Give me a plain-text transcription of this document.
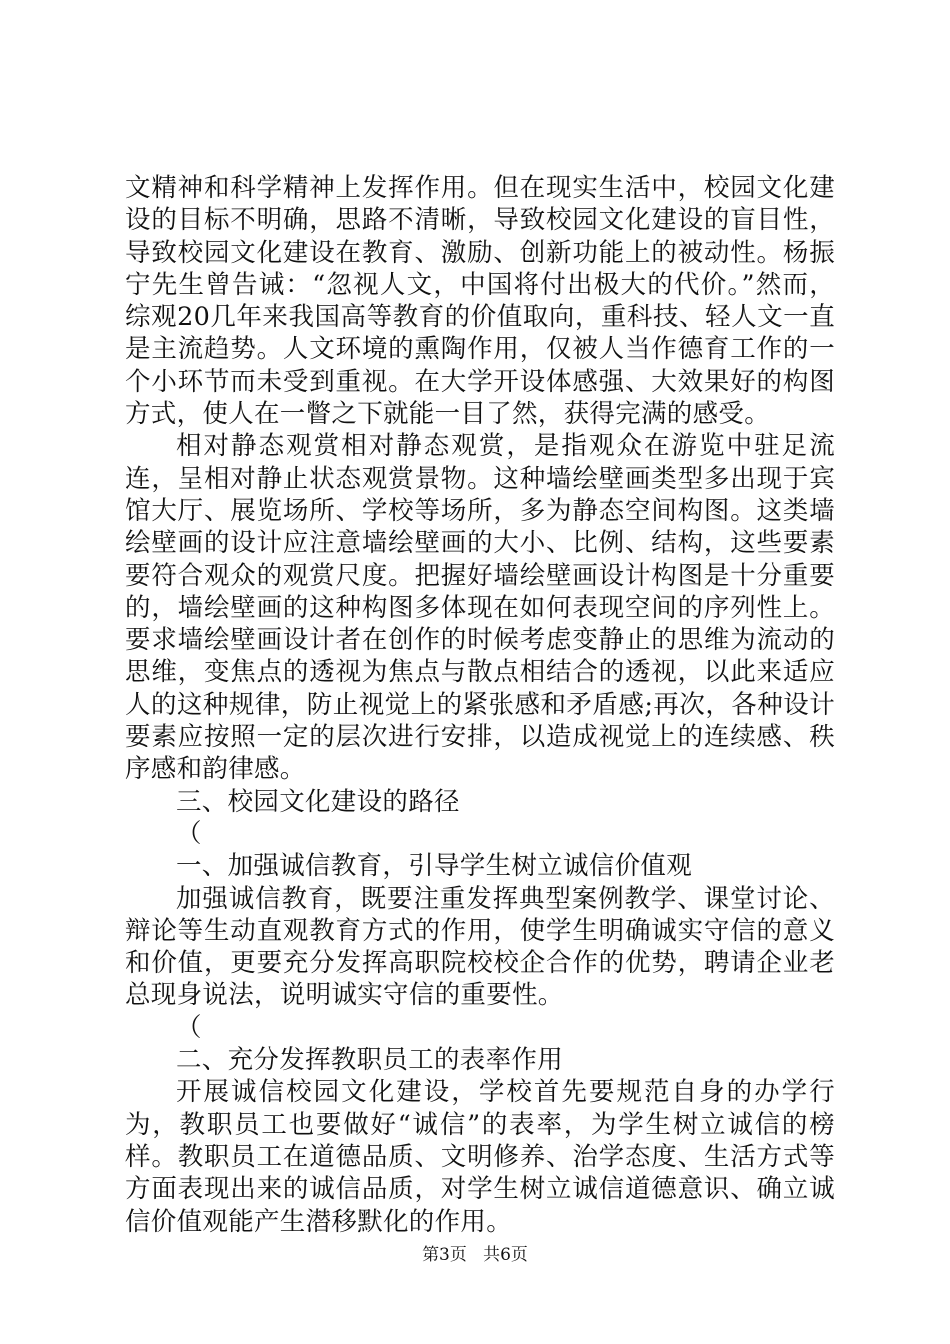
文精神和科学精神上发挥作用。但在现实生活中，校园文化建设的目标不明确，思路不清晰，导致校园文化建设的盲目性，导致校园文化建设在教育、激励、创新功能上的被动性。杨振宁先生曾告诫：“忽视人文，中国将付出极大的代价。”然而，综观20几年来我国高等教育的价值取向，重科技、轻人文一直是主流趋势。人文环境的熏陶作用，仅被人当作德育工作的一个小环节而未受到重视。在大学开设体感强、大效果好的构图方式，使人在一瞥之下就能一目了然，获得完满的感受。

相对静态观赏相对静态观赏，是指观众在游览中驻足流连，呈相对静止状态观赏景物。这种墙绘壁画类型多出现于宾馆大厅、展览场所、学校等场所，多为静态空间构图。这类墙绘壁画的设计应注意墙绘壁画的大小、比例、结构，这些要素要符合观众的观赏尺度。把握好墙绘壁画设计构图是十分重要的，墙绘壁画的这种构图多体现在如何表现空间的序列性上。要求墙绘壁画设计者在创作的时候考虑变静止的思维为流动的思维，变焦点的透视为焦点与散点相结合的透视，以此来适应人的这种规律，防止视觉上的紧张感和矛盾感;再次，各种设计要素应按照一定的层次进行安排，以造成视觉上的连续感、秩序感和韵律感。

三、校园文化建设的路径

（

一、加强诚信教育，引导学生树立诚信价值观

加强诚信教育，既要注重发挥典型案例教学、课堂讨论、辩论等生动直观教育方式的作用，使学生明确诚实守信的意义和价值，更要充分发挥高职院校校企合作的优势，聘请企业老总现身说法，说明诚实守信的重要性。

（

二、充分发挥教职员工的表率作用

开展诚信校园文化建设，学校首先要规范自身的办学行为，教职员工也要做好“诚信”的表率，为学生树立诚信的榜样。教职员工在道德品质、文明修养、治学态度、生活方式等方面表现出来的诚信品质，对学生树立诚信道德意识、确立诚信价值观能产生潜移默化的作用。

第3页 共6页
